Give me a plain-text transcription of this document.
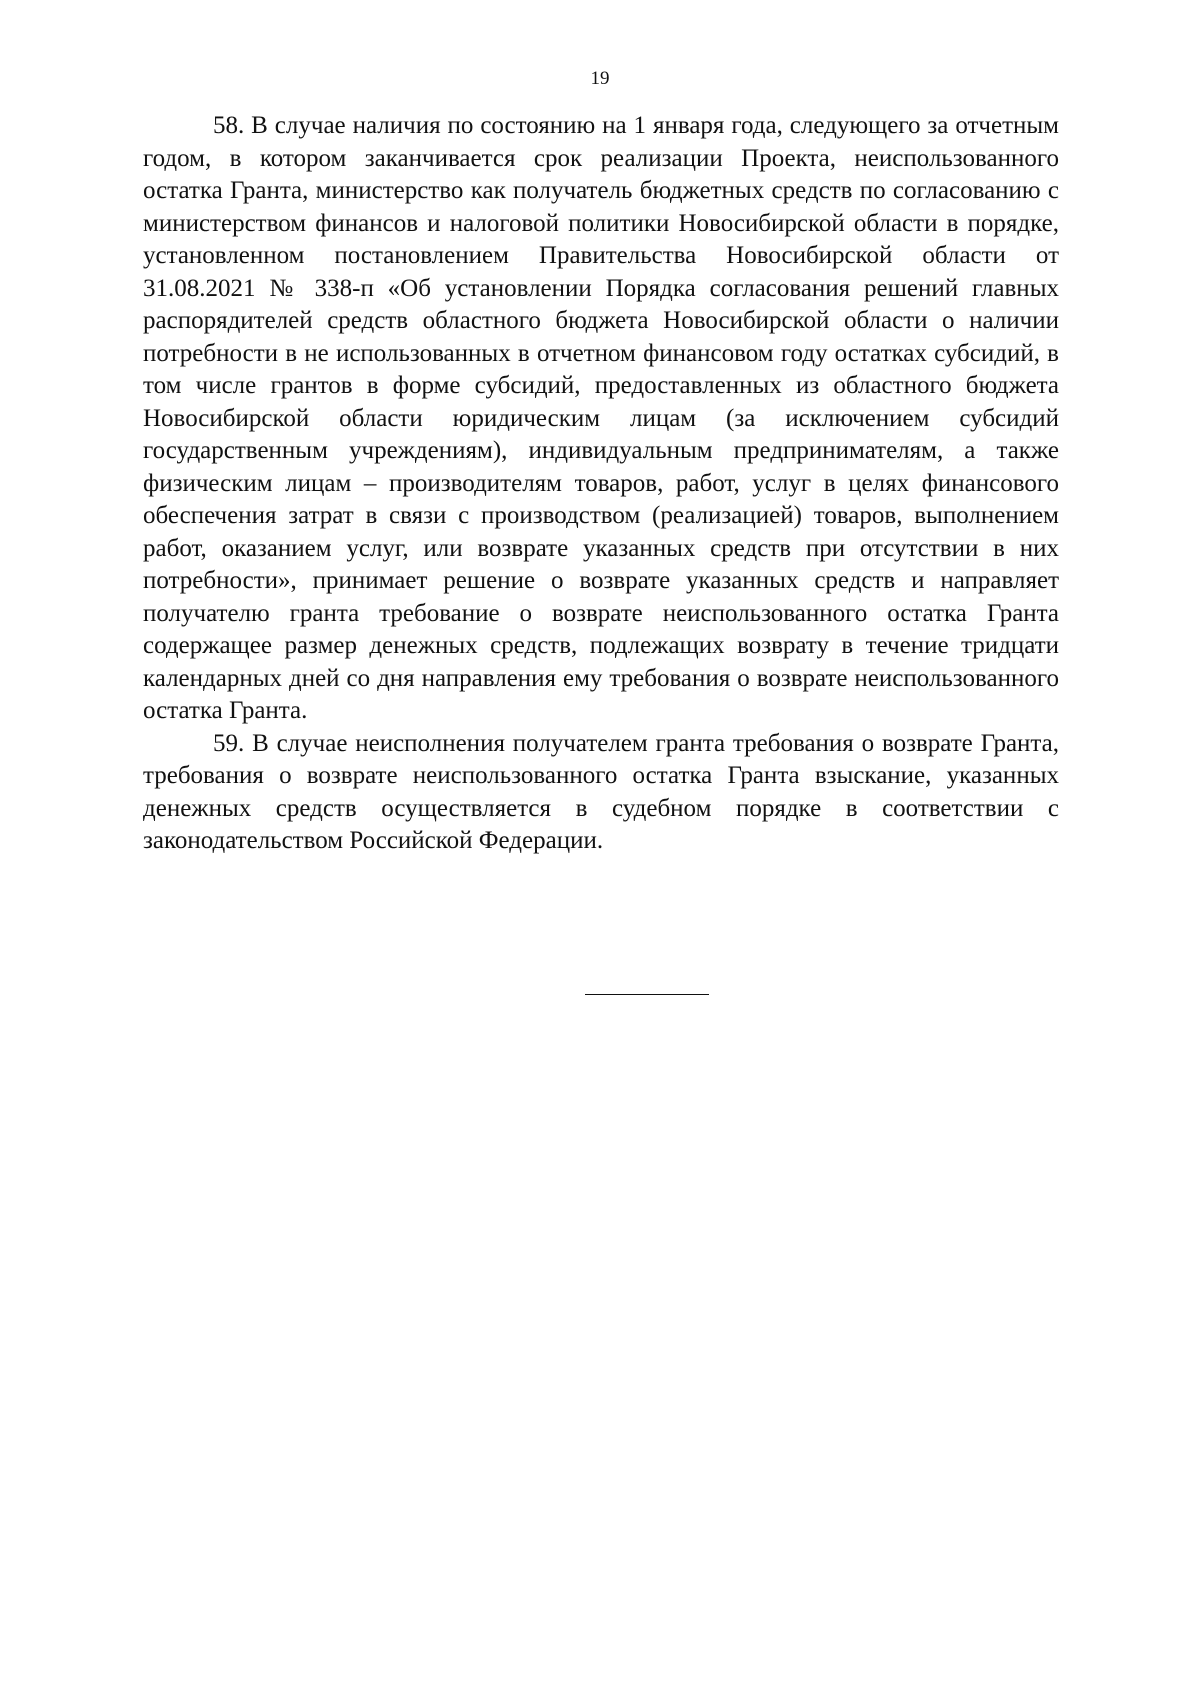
19

58. В случае наличия по состоянию на 1 января года, следующего за отчетным годом, в котором заканчивается срок реализации Проекта, неиспользованного остатка Гранта, министерство как получатель бюджетных средств по согласованию с министерством финансов и налоговой политики Новосибирской области в порядке, установленном постановлением Правительства Новосибирской области от 31.08.2021 № 338-п «Об установлении Порядка согласования решений главных распорядителей средств областного бюджета Новосибирской области о наличии потребности в не использованных в отчетном финансовом году остатках субсидий, в том числе грантов в форме субсидий, предоставленных из областного бюджета Новосибирской области юридическим лицам (за исключением субсидий государственным учреждениям), индивидуальным предпринимателям, а также физическим лицам – производителям товаров, работ, услуг в целях финансового обеспечения затрат в связи с производством (реализацией) товаров, выполнением работ, оказанием услуг, или возврате указанных средств при отсутствии в них потребности», принимает решение о возврате указанных средств и направляет получателю гранта требование о возврате неиспользованного остатка Гранта содержащее размер денежных средств, подлежащих возврату в течение тридцати календарных дней со дня направления ему требования о возврате неиспользованного остатка Гранта.

59. В случае неисполнения получателем гранта требования о возврате Гранта, требования о возврате неиспользованного остатка Гранта взыскание, указанных денежных средств осуществляется в судебном порядке в соответствии с законодательством Российской Федерации.
